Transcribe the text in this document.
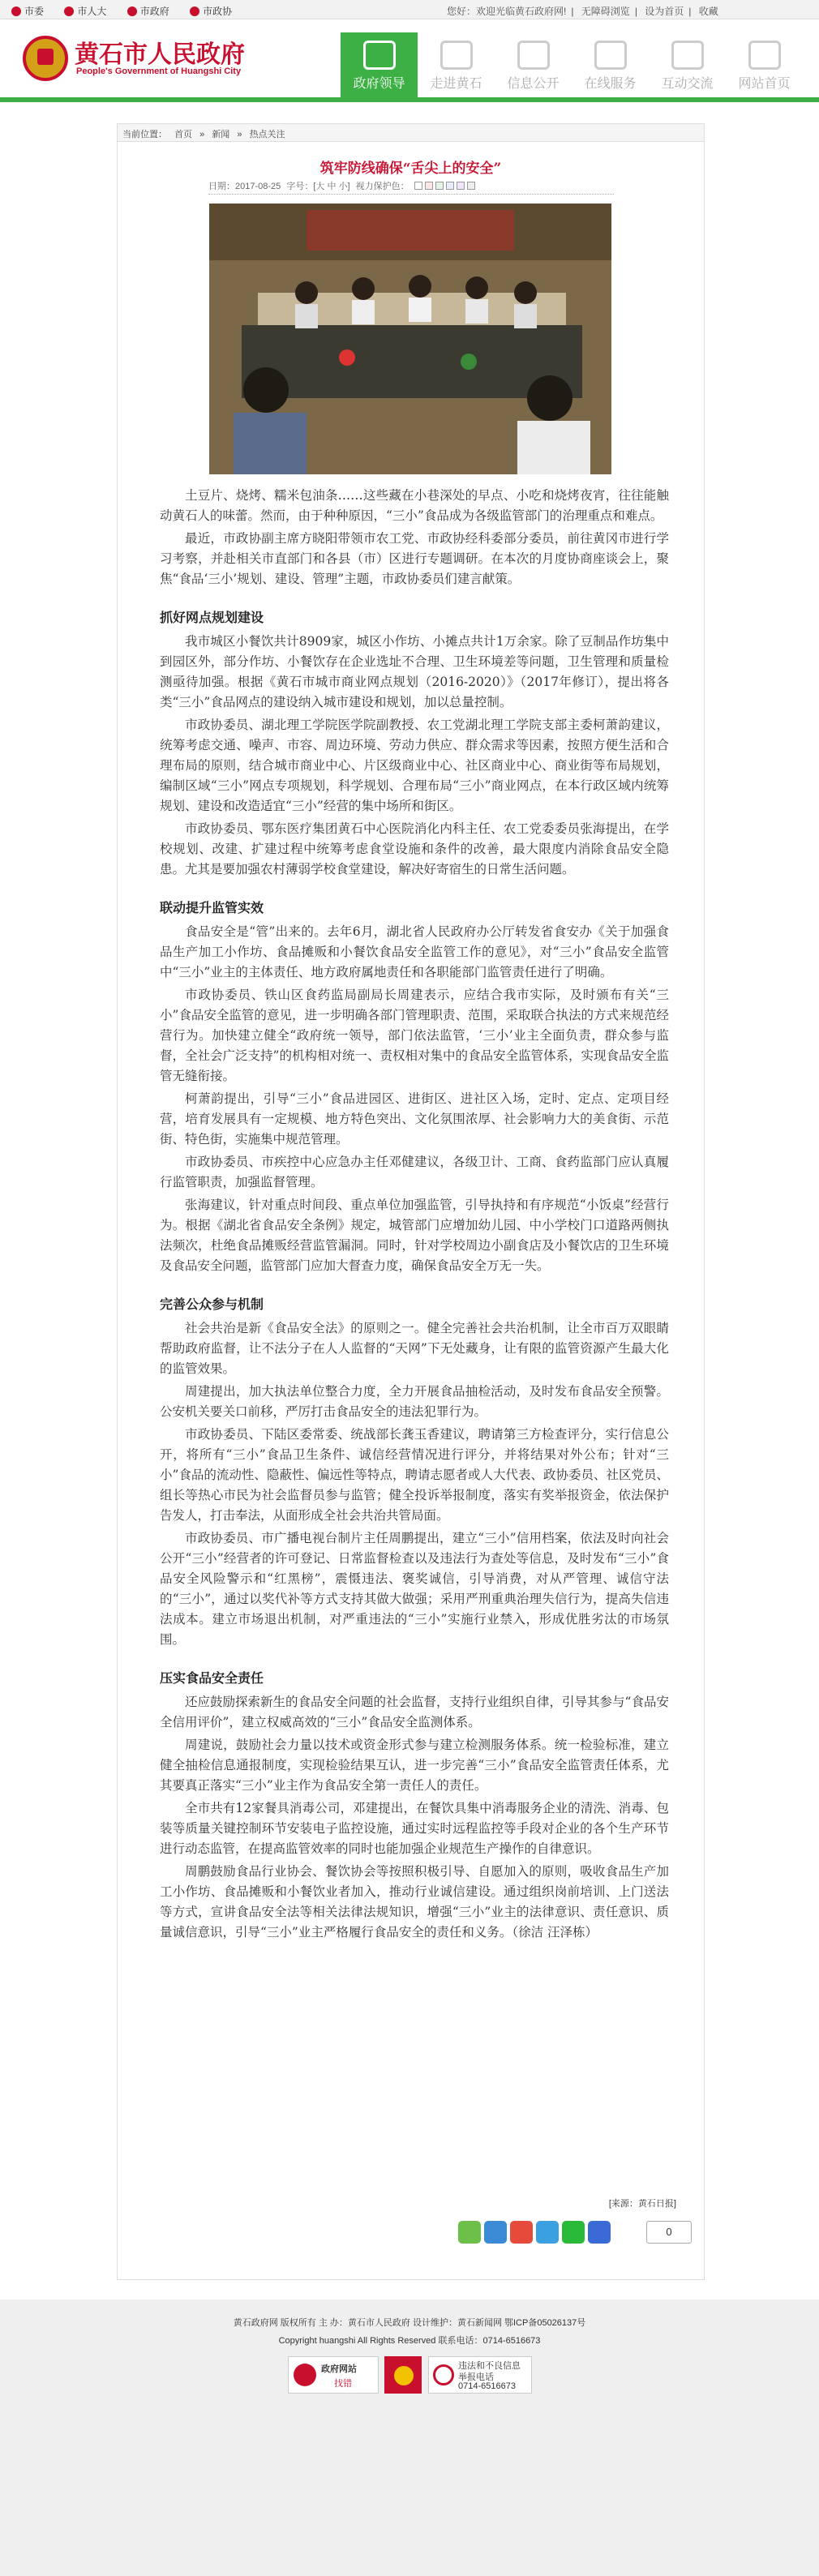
市委	市人大	市政府	市政协	您好：欢迎光临黄石政府网! | 无障碍浏览 | 设为首页 | 收藏
黄石市人民政府
People's Government of Huangshi City
政府领导	走进黄石	信息公开	在线服务	互动交流	网站首页
当前位置： 首页 » 新闻 » 热点关注
筑牢防线确保“舌尖上的安全”
日期：2017-08-25 字号：[大 中 小] 视力保护色：

土豆片、烧烤、糯米包油条……这些藏在小巷深处的早点、小吃和烧烤夜宵，往往能触动黄石人的味蕾。然而，由于种种原因，“三小”食品成为各级监管部门的治理重点和难点。

最近，市政协副主席方晓阳带领市农工党、市政协经科委部分委员，前往黄冈市进行学习考察，并赴相关市直部门和各县（市）区进行专题调研。在本次的月度协商座谈会上，聚焦“食品‘三小’规划、建设、管理”主题，市政协委员们建言献策。

抓好网点规划建设

我市城区小餐饮共计8909家，城区小作坊、小摊点共计1万余家。除了豆制品作坊集中到园区外，部分作坊、小餐饮存在企业选址不合理、卫生环境差等问题，卫生管理和质量检测亟待加强。根据《黄石市城市商业网点规划（2016-2020）》（2017年修订），提出将各类“三小”食品网点的建设纳入城市建设和规划，加以总量控制。

市政协委员、湖北理工学院医学院副教授、农工党湖北理工学院支部主委柯萧韵建议，统筹考虑交通、噪声、市容、周边环境、劳动力供应、群众需求等因素，按照方便生活和合理布局的原则，结合城市商业中心、片区级商业中心、社区商业中心、商业街等布局规划，编制区域“三小”网点专项规划，科学规划、合理布局“三小”商业网点，在本行政区域内统筹规划、建设和改造适宜“三小”经营的集中场所和街区。

市政协委员、鄂东医疗集团黄石中心医院消化内科主任、农工党委委员张海提出，在学校规划、改建、扩建过程中统筹考虑食堂设施和条件的改善，最大限度内消除食品安全隐患。尤其是要加强农村薄弱学校食堂建设，解决好寄宿生的日常生活问题。

联动提升监管实效

食品安全是“管”出来的。去年6月，湖北省人民政府办公厅转发省食安办《关于加强食品生产加工小作坊、食品摊贩和小餐饮食品安全监管工作的意见》，对“三小”食品安全监管中“三小”业主的主体责任、地方政府属地责任和各职能部门监管责任进行了明确。

市政协委员、铁山区食药监局副局长周建表示，应结合我市实际，及时颁布有关“三小”食品安全监管的意见，进一步明确各部门管理职责、范围，采取联合执法的方式来规范经营行为。加快建立健全“政府统一领导，部门依法监管，‘三小’业主全面负责，群众参与监督，全社会广泛支持”的机构相对统一、责权相对集中的食品安全监管体系，实现食品安全监管无缝衔接。

柯萧韵提出，引导“三小”食品进园区、进街区、进社区入场，定时、定点、定项目经营，培育发展具有一定规模、地方特色突出、文化氛围浓厚、社会影响力大的美食街、示范街、特色街，实施集中规范管理。

市政协委员、市疾控中心应急办主任邓健建议，各级卫计、工商、食药监部门应认真履行监管职责，加强监督管理。

张海建议，针对重点时间段、重点单位加强监管，引导执持和有序规范“小饭桌”经营行为。根据《湖北省食品安全条例》规定，城管部门应增加幼儿园、中小学校门口道路两侧执法频次，杜绝食品摊贩经营监管漏洞。同时，针对学校周边小副食店及小餐饮店的卫生环境及食品安全问题，监管部门应加大督查力度，确保食品安全万无一失。

完善公众参与机制

社会共治是新《食品安全法》的原则之一。健全完善社会共治机制，让全市百万双眼睛帮助政府监督，让不法分子在人人监督的“天网”下无处藏身，让有限的监管资源产生最大化的监管效果。

周建提出，加大执法单位整合力度，全力开展食品抽检活动，及时发布食品安全预警。公安机关要关口前移，严厉打击食品安全的违法犯罪行为。

市政协委员、下陆区委常委、统战部长龚玉香建议，聘请第三方检查评分，实行信息公开，将所有“三小”食品卫生条件、诚信经营情况进行评分，并将结果对外公布；针对“三小”食品的流动性、隐蔽性、偏远性等特点，聘请志愿者或人大代表、政协委员、社区党员、组长等热心市民为社会监督员参与监管；健全投诉举报制度，落实有奖举报资金，依法保护告发人，打击奉法，从面形成全社会共治共管局面。

市政协委员、市广播电视台制片主任周鹏提出，建立“三小”信用档案，依法及时向社会公开“三小”经营者的许可登记、日常监督检查以及违法行为查处等信息，及时发布“三小”食品安全风险警示和“红黑榜”，震慑违法、褒奖诚信，引导消费，对从严管理、诚信守法的“三小”，通过以奖代补等方式支持其做大做强；采用严刑重典治理失信行为，提高失信违法成本。建立市场退出机制，对严重违法的“三小”实施行业禁入，形成优胜劣汰的市场氛围。

压实食品安全责任

还应鼓励探索新生的食品安全问题的社会监督，支持行业组织自律，引导其参与“食品安全信用评价”，建立权威高效的“三小”食品安全监测体系。

周建说，鼓励社会力量以技术或资金形式参与建立检测服务体系。统一检验标准，建立健全抽检信息通报制度，实现检验结果互认，进一步完善“三小”食品安全监管责任体系，尤其要真正落实“三小”业主作为食品安全第一责任人的责任。

全市共有12家餐具消毒公司，邓建提出，在餐饮具集中消毒服务企业的清洗、消毒、包装等质量关键控制环节安装电子监控设施，通过实时远程监控等手段对企业的各个生产环节进行动态监管，在提高监管效率的同时也能加强企业规范生产操作的自律意识。

周鹏鼓励食品行业协会、餐饮协会等按照积极引导、自愿加入的原则，吸收食品生产加工小作坊、食品摊贩和小餐饮业者加入，推动行业诚信建设。通过组织岗前培训、上门送法等方式，宣讲食品安全法等相关法律法规知识，增强“三小”业主的法律意识、责任意识、质量诚信意识，引导“三小”业主严格履行食品安全的责任和义务。（徐洁 汪泽栋）

[来源：黄石日报]
0
黄石政府网 版权所有 主 办：黄石市人民政府 设计维护：黄石新闻网 鄂ICP备05026137号
Copyright huangshi All Rights Reserved 联系电话：0714-6516673
政府网站
找错
违法和不良信息
举报电话
0714-6516673
